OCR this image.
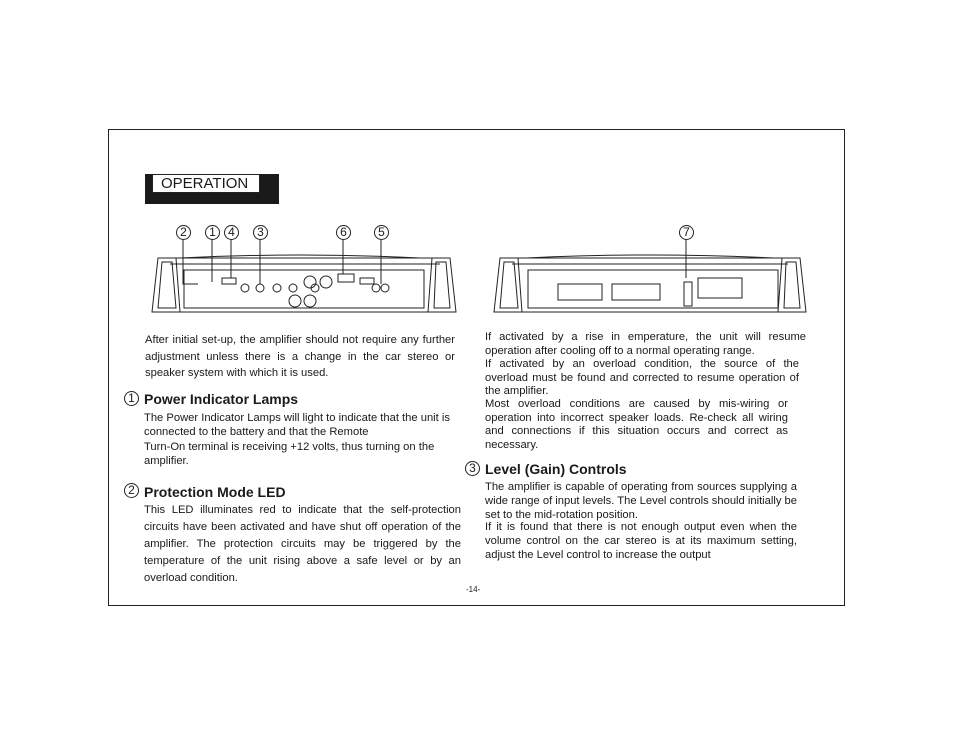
OPERATION
2	1	4	3	6	5	7

After initial set-up, the amplifier should not require any further adjustment unless there is a change in the car stereo or speaker system with which it is used.

1 Power Indicator Lamps

The Power Indicator Lamps will light to indicate that the unit is connected to the battery and that the Remote

Turn-On terminal is receiving +12 volts, thus turning on the amplifier.

2 Protection Mode LED

This LED illuminates red to indicate that the self-protection circuits have been activated and have shut off operation of the amplifier. The protection circuits may be triggered by the temperature of the unit rising above a safe level or by an overload condition.

If activated by a rise in emperature, the unit will resume operation after cooling off to a normal operating range.

If activated by an overload condition, the source of the overload must be found and corrected to resume operation of the amplifier.

Most overload conditions are caused by mis-wiring or operation into incorrect speaker loads. Re-check all wiring and connections if this situation occurs and correct as necessary.

3 Level (Gain) Controls

The amplifier is capable of operating from sources supplying a wide range of input levels. The Level controls should initially be set to the mid-rotation position.

If it is found that there is not enough output even when the volume control on the car stereo is at its maximum setting, adjust the Level control to increase the output

-14-
